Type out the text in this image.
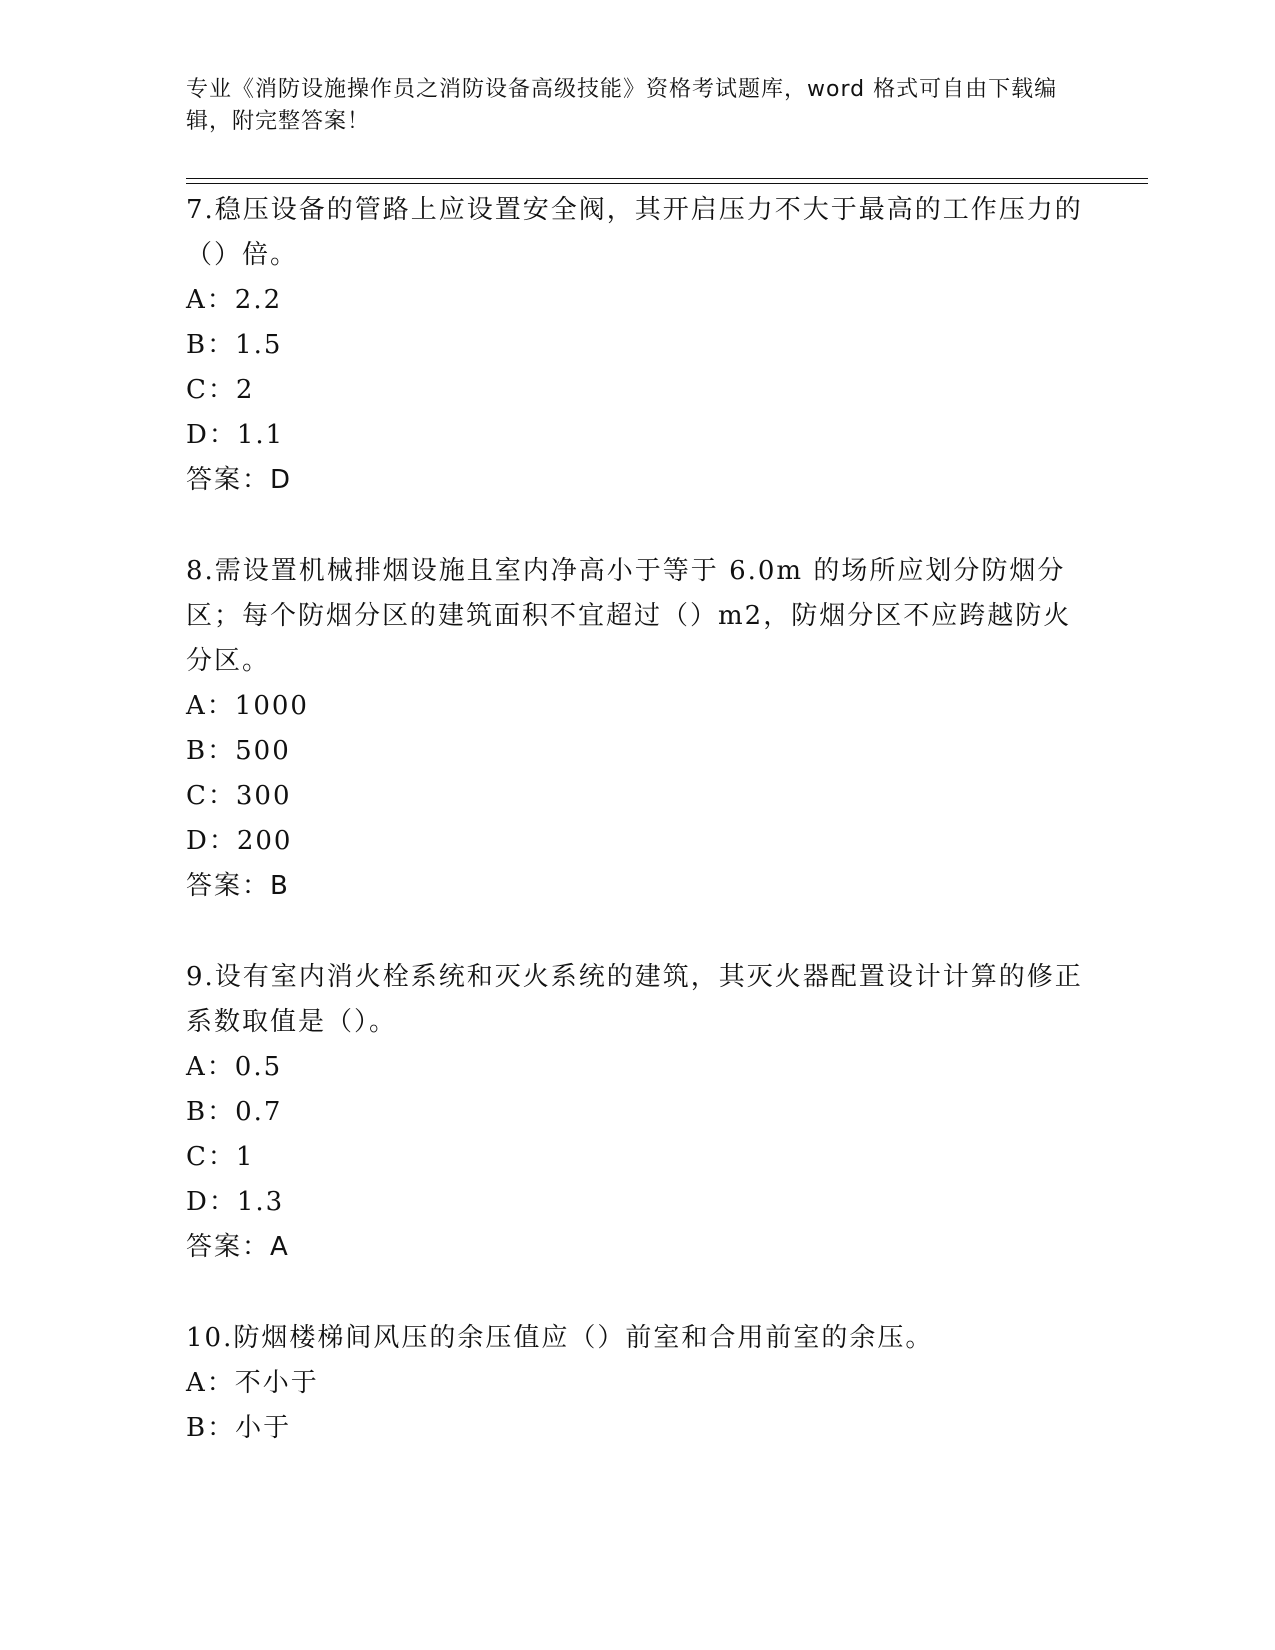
专业《消防设施操作员之消防设备高级技能》资格考试题库，word 格式可自由下载编辑，附完整答案！
7.稳压设备的管路上应设置安全阀，其开启压力不大于最高的工作压力的（）倍。
A：2.2
B：1.5
C：2
D：1.1
答案：D
8.需设置机械排烟设施且室内净高小于等于 6.0m 的场所应划分防烟分区；每个防烟分区的建筑面积不宜超过（）m2，防烟分区不应跨越防火分区。
A：1000
B：500
C：300
D：200
答案：B
9.设有室内消火栓系统和灭火系统的建筑，其灭火器配置设计计算的修正系数取值是（）。
A：0.5
B：0.7
C：1
D：1.3
答案：A
10.防烟楼梯间风压的余压值应（）前室和合用前室的余压。
A：不小于
B：小于
